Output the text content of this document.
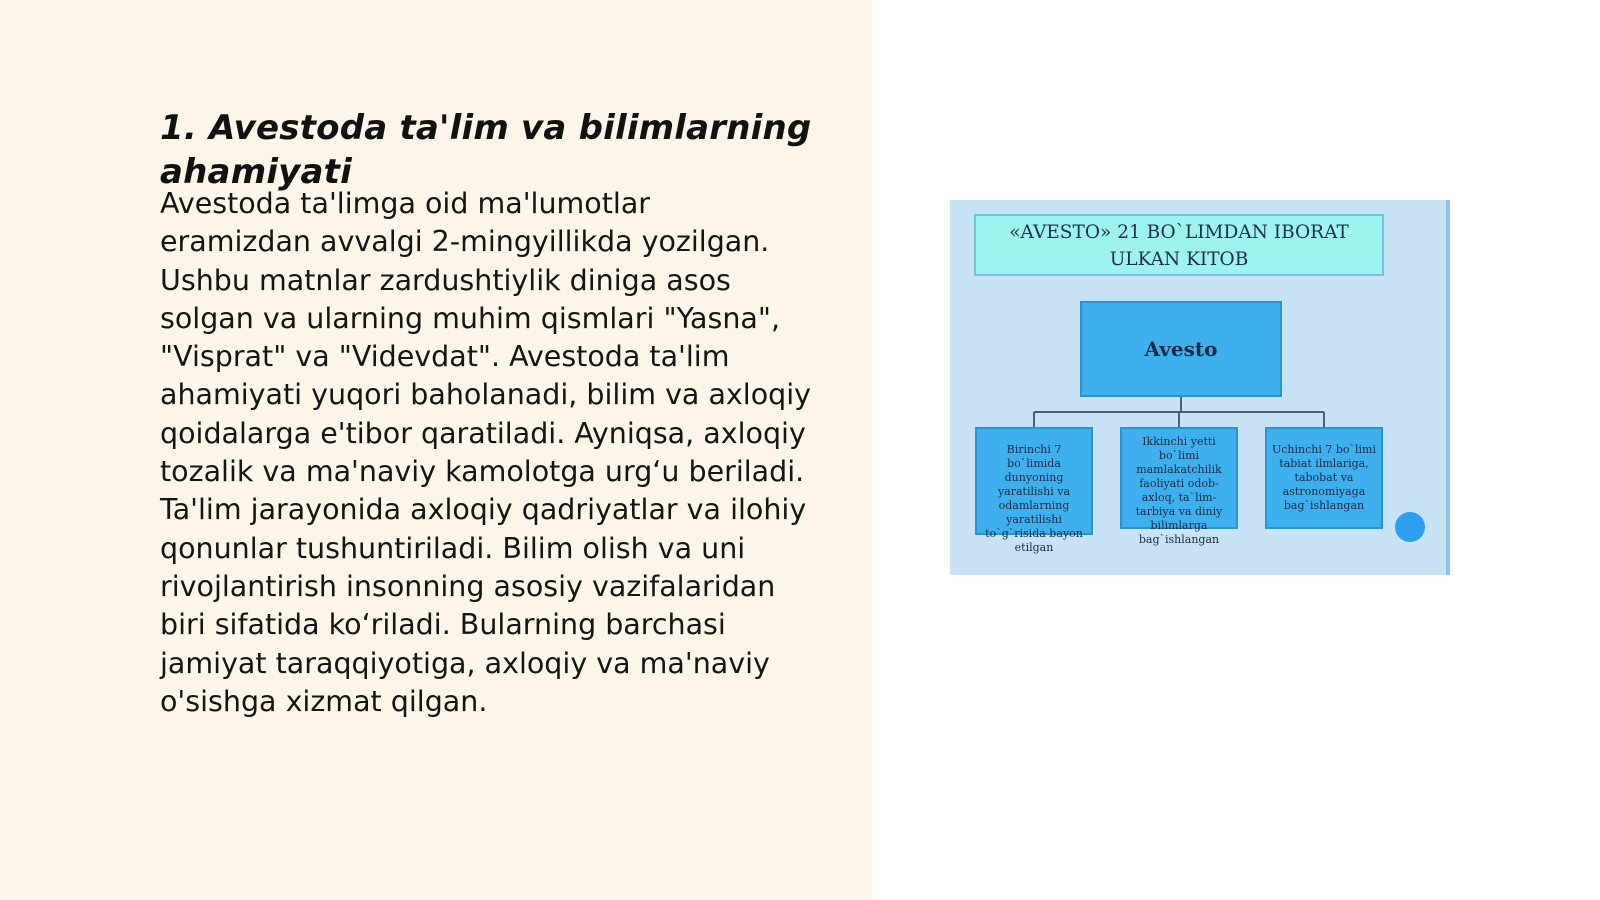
1. Avestoda ta'lim va bilimlarning ahamiyati

Avestoda ta'limga oid ma'lumotlar
eramizdan avvalgi 2-mingyillikda yozilgan.
Ushbu matnlar zardushtiylik diniga asos
solgan va ularning muhim qismlari "Yasna",
"Visprat" va "Videvdat". Avestoda ta'lim
ahamiyati yuqori baholanadi, bilim va axloqiy
qoidalarga e'tibor qaratiladi. Ayniqsa, axloqiy
tozalik va ma'naviy kamolotga urg‘u beriladi.
Ta'lim jarayonida axloqiy qadriyatlar va ilohiy
qonunlar tushuntiriladi. Bilim olish va uni
rivojlantirish insonning asosiy vazifalaridan
biri sifatida ko‘riladi. Bularning barchasi
jamiyat taraqqiyotiga, axloqiy va ma'naviy
o'sishga xizmat qilgan.

«AVESTO» 21 BO`LIMDAN IBORAT
ULKAN KITOB
Avesto
Birinchi 7 bo`limida dunyoning yaratilishi va odamlarning yaratilishi to`g`risida bayon etilgan
Ikkinchi yetti bo`limi mamlakatchilik faoliyati odob-axloq, ta`lim-tarbiya va diniy bilimlarga bag`ishlangan
Uchinchi 7 bo`limi tabiat ilmlariga, tabobat va astronomiyaga bag`ishlangan
